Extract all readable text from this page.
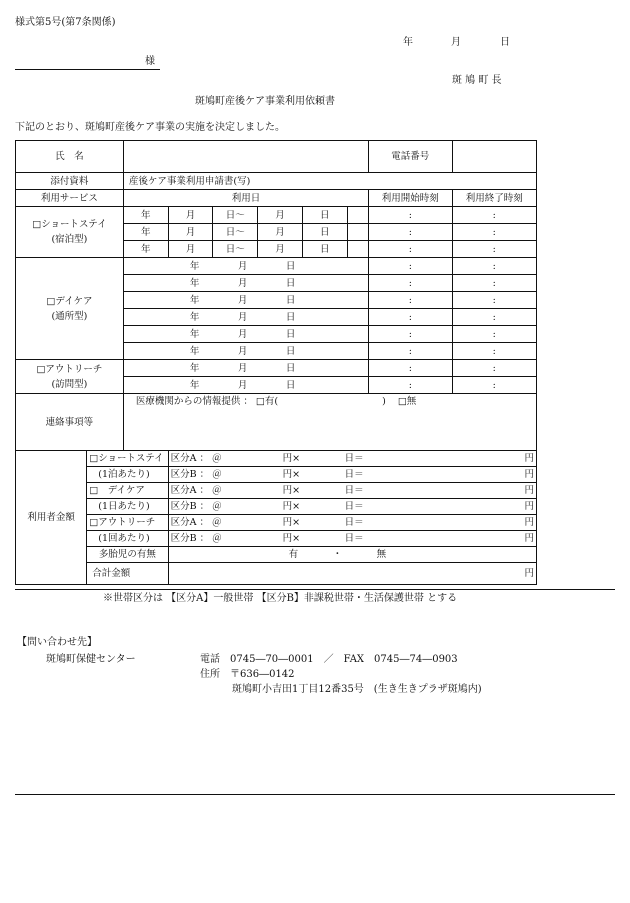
様式第5号(第7条関係)
年	月	日
様
斑 鳩 町 長
斑鳩町産後ケア事業利用依頼書
下記のとおり、斑鳩町産後ケア事業の実施を決定しました。
氏　名								電話番号	
添付資料		産後ケア事業利用申請書(写)							
利用サービス		利用日						利用開始時刻	利用終了時刻
□ショートステイ
(宿泊型)		年	月	日～	月	日		:	:
		年	月	日～	月	日		:	:
		年	月	日～	月	日		:	:
□デイケア
(通所型)		年 月 日						:	:
		年 月 日						:	:
		年 月 日						:	:
		年 月 日						:	:
		年 月 日						:	:
		年 月 日						:	:
□アウトリーチ
(訪問型)		年 月 日						:	:
		年 月 日						:	:
連絡事項等		医療機関からの情報提供 ： □有( ) □無							
利用者金額	□ショートステイ		区分A ： ＠ 円× 日＝ 円						

	(1泊あたり)		区分B ： ＠ 円× 日＝ 円						

	□　デイケア		区分A ： ＠ 円× 日＝ 円						

	(1日あたり)		区分B ： ＠ 円× 日＝ 円						

	□アウトリーチ		区分A ： ＠ 円× 日＝ 円						

	(1回あたり)		区分B ： ＠ 円× 日＝ 円						

	多胎児の有無		有 ・ 無						
	合計金額		円						
※世帯区分は 【区分A】一般世帯 【区分B】非課税世帯・生活保護世帯 とする
【問い合わせ先】
斑鳩町保健センター	電話　0745―70―0001　／　FAX　0745―74―0903
住所　〒636―0142
斑鳩町小吉田1丁目12番35号　(生き生きプラザ斑鳩内)
